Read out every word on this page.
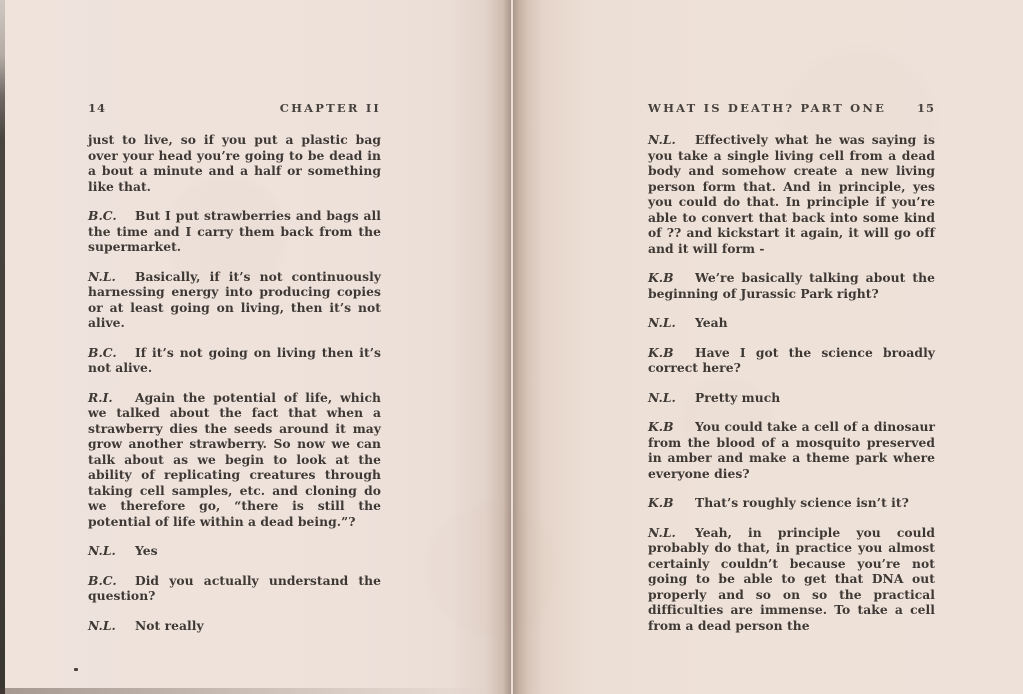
14	CHAPTER II

just to live, so if you put a plastic bag over your head you’re going to be dead in a bout a minute and a half or something like that.

B.C. But I put strawberries and bags all the time and I carry them back from the supermarket.

N.L. Basically, if it’s not continuously harnessing energy into producing copies or at least going on living, then it’s not alive.

B.C. If it’s not going on living then it’s not alive.

R.I. Again the potential of life, which we talked about the fact that when a strawberry dies the seeds around it may grow another strawberry. So now we can talk about as we begin to look at the ability of replicating creatures through taking cell samples, etc. and cloning do we therefore go, “there is still the potential of life within a dead being.”?

N.L. Yes

B.C. Did you actually understand the question?

N.L. Not really

WHAT IS DEATH? PART ONE	15

N.L. Effectively what he was saying is you take a single living cell from a dead body and somehow create a new living person form that. And in principle, yes you could do that. In principle if you’re able to convert that back into some kind of ?? and kickstart it again, it will go off and it will form -

K.B We’re basically talking about the beginning of Jurassic Park right?

N.L. Yeah

K.B Have I got the science broadly correct here?

N.L. Pretty much

K.B You could take a cell of a dinosaur from the blood of a mosquito preserved in amber and make a theme park where everyone dies?

K.B That’s roughly science isn’t it?

N.L. Yeah, in principle you could probably do that, in practice you almost certainly couldn’t because you’re not going to be able to get that DNA out properly and so on so the practical difficulties are immense. To take a cell from a dead person the
